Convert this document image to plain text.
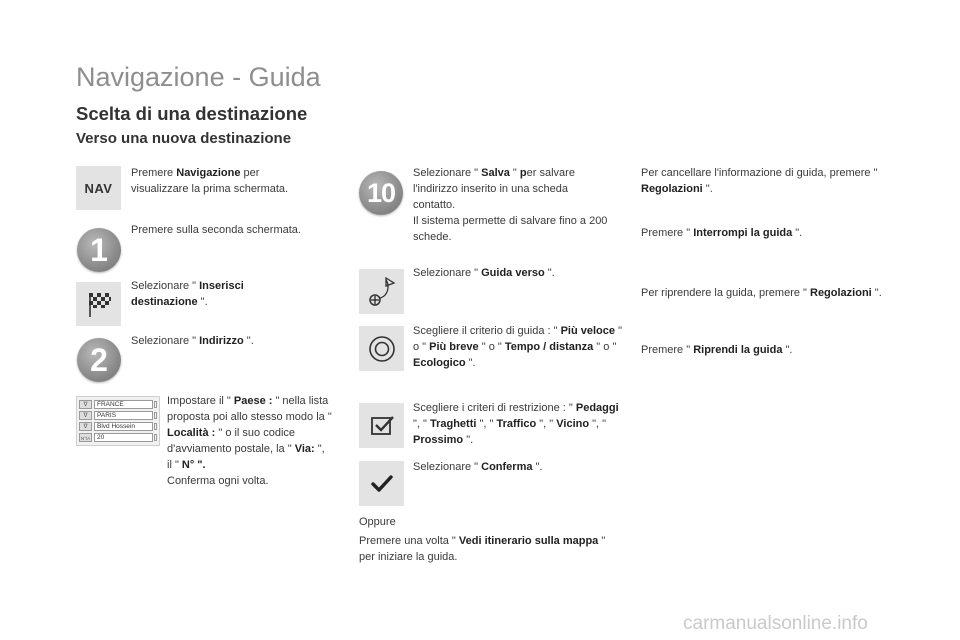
Navigazione - Guida
Scelta di una destinazione
Verso una nuova destinazione
NAV
Premere Navigazione per visualizzare la prima schermata.
1
Premere sulla seconda schermata.
Selezionare " Inserisci destinazione ".
2
Selezionare " Indirizzo ".
∇	FRANCE
∇	PARIS
∇	Blvd Hossein
N°/A	20
Impostare il " Paese : " nella lista proposta poi allo stesso modo la " Località : " o il suo codice d'avviamento postale, la " Via: ", il " N° ".
Conferma ogni volta.
10
Selezionare " Salva " per salvare l'indirizzo inserito in una scheda contatto.
Il sistema permette di salvare fino a 200 schede.
Selezionare " Guida verso ".
Scegliere il criterio di guida : " Più veloce " o " Più breve " o " Tempo / distanza " o " Ecologico ".
Scegliere i criteri di restrizione : " Pedaggi ", " Traghetti ", " Traffico ", " Vicino ", " Prossimo ".
Selezionare " Conferma ".
Oppure
Premere una volta " Vedi itinerario sulla mappa " per iniziare la guida.
Per cancellare l'informazione di guida, premere " Regolazioni ".
Premere " Interrompi la guida ".
Per riprendere la guida, premere " Regolazioni ".
Premere " Riprendi la guida ".
carmanualsonline.info
